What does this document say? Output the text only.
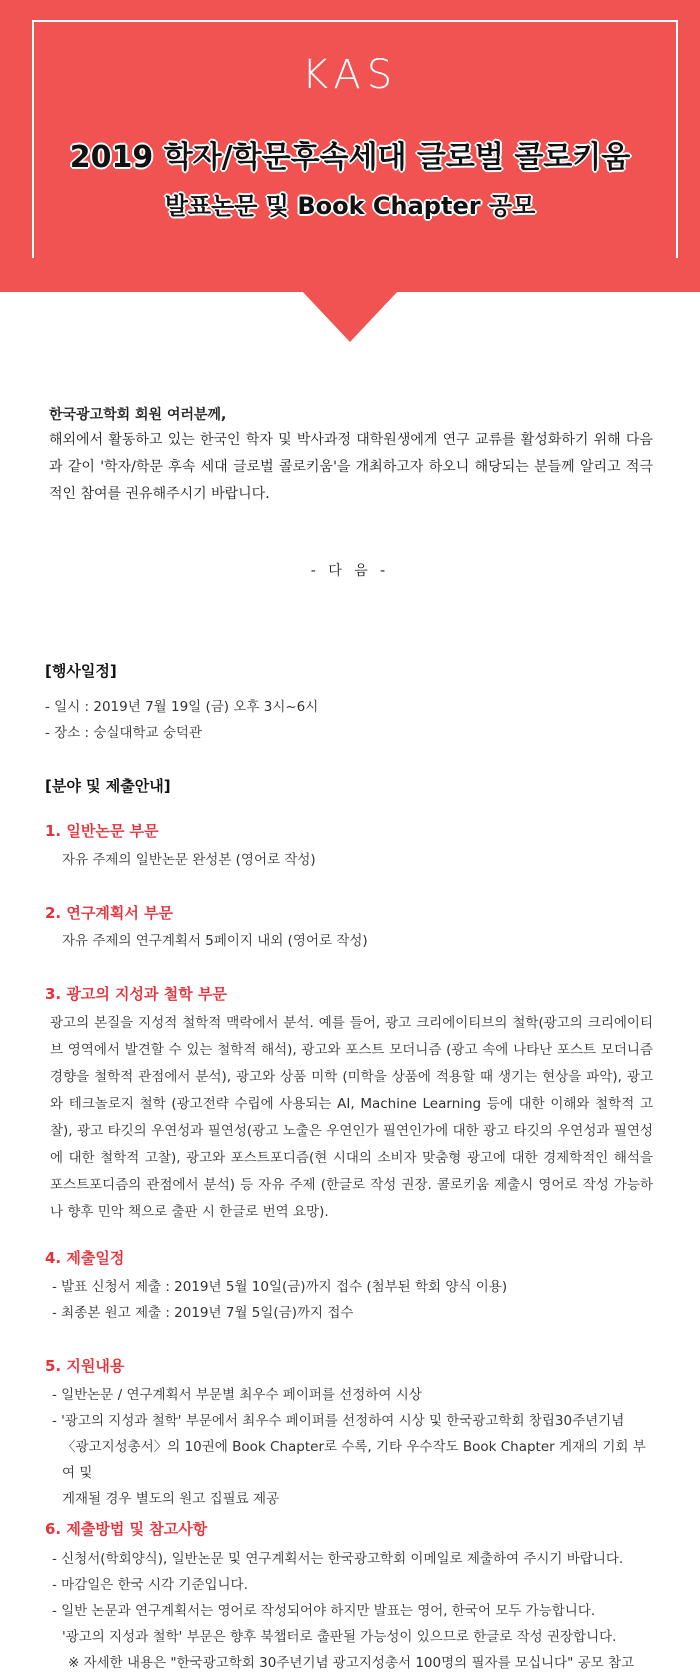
KAS
2019 학자/학문후속세대 글로벌 콜로키움
발표논문 및 Book Chapter 공모
한국광고학회 회원 여러분께,

해외에서 활동하고 있는 한국인 학자 및 박사과정 대학원생에게 연구 교류를 활성화하기 위해 다음과 같이 '학자/학문 후속 세대 글로벌 콜로키움'을 개최하고자 하오니 해당되는 분들께 알리고 적극적인 참여를 권유해주시기 바랍니다.

- 다 음 -
[행사일정]
- 일시 : 2019년 7월 19일 (금) 오후 3시~6시
- 장소 : 숭실대학교 숭덕관
[분야 및 제출안내]
1. 일반논문 부문

자유 주제의 일반논문 완성본 (영어로 작성)

2. 연구계획서 부문

자유 주제의 연구계획서 5페이지 내외 (영어로 작성)

3. 광고의 지성과 철학 부문

광고의 본질을 지성적 철학적 맥락에서 분석. 예를 들어, 광고 크리에이티브의 철학(광고의 크리에이티브 영역에서 발견할 수 있는 철학적 해석), 광고와 포스트 모더니즘 (광고 속에 나타난 포스트 모더니즘 경향을 철학적 관점에서 분석), 광고와 상품 미학 (미학을 상품에 적용할 때 생기는 현상을 파악), 광고와 테크놀로지 철학 (광고전략 수립에 사용되는 AI, Machine Learning 등에 대한 이해와 철학적 고찰), 광고 타깃의 우연성과 필연성(광고 노출은 우연인가 필연인가에 대한 광고 타깃의 우연성과 필연성에 대한 철학적 고찰), 광고와 포스트포디즘(현 시대의 소비자 맞춤형 광고에 대한 경제학적인 해석을 포스트포디즘의 관점에서 분석) 등 자유 주제 (한글로 작성 권장. 콜로키움 제출시 영어로 작성 가능하나 향후 민악 책으로 출판 시 한글로 번역 요망).

4. 제출일정

- 발표 신청서 제출 : 2019년 5월 10일(금)까지 접수 (첨부된 학회 양식 이용)

- 최종본 원고 제출 : 2019년 7월 5일(금)까지 접수

5. 지원내용

- 일반논문 / 연구계획서 부문별 최우수 페이퍼를 선정하여 시상

- '광고의 지성과 철학' 부문에서 최우수 페이퍼를 선정하여 시상 및 한국광고학회 창립30주년기념

〈광고지성총서〉의 10권에 Book Chapter로 수록, 기타 우수작도 Book Chapter 게재의 기회 부여 및

게재될 경우 별도의 원고 집필료 제공

6. 제출방법 및 참고사항

- 신청서(학회양식), 일반논문 및 연구계획서는 한국광고학회 이메일로 제출하여 주시기 바랍니다.

- 마감일은 한국 시각 기준입니다.

- 일반 논문과 연구계획서는 영어로 작성되어야 하지만 발표는 영어, 한국어 모두 가능합니다.

'광고의 지성과 철학' 부문은 향후 북챕터로 출판될 가능성이 있으므로 한글로 작성 권장합니다.

※ 자세한 내용은 "한국광고학회 30주년기념 광고지성총서 100명의 필자를 모십니다" 공모 참고
